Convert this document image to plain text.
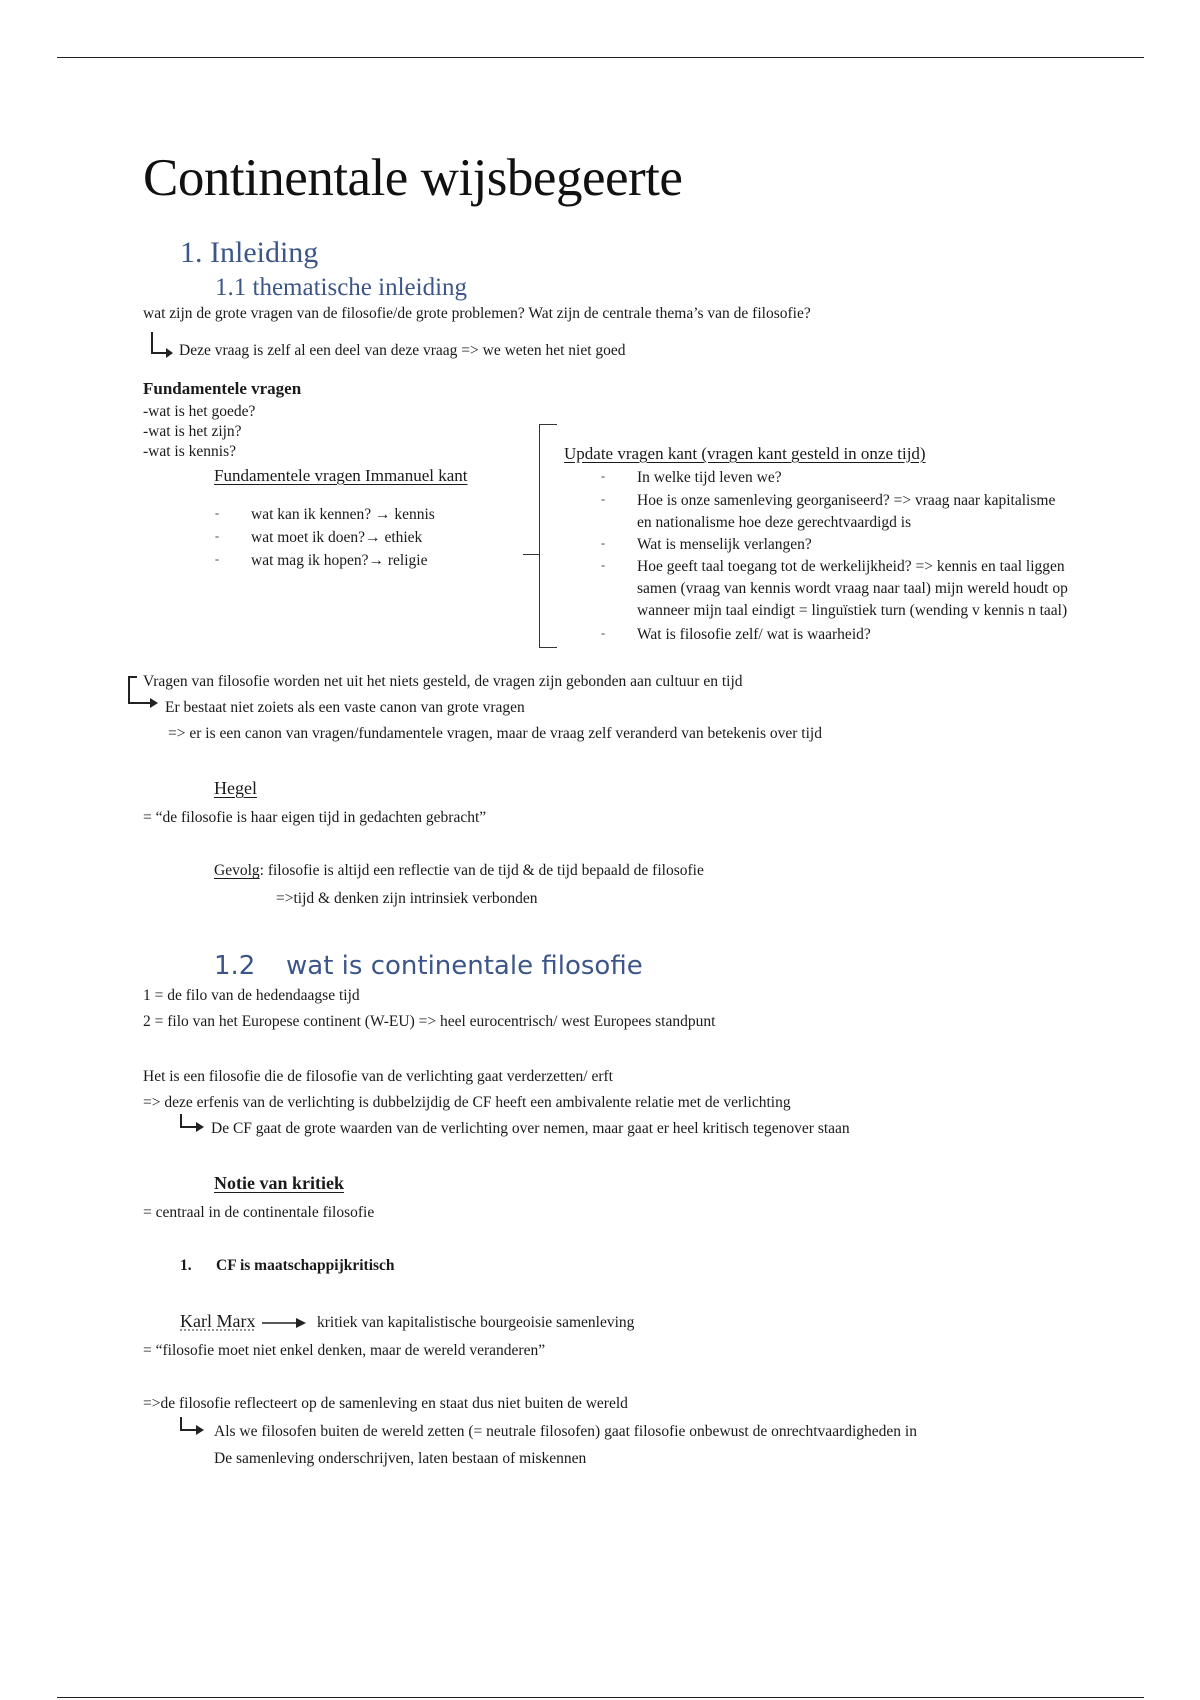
Continentale wijsbegeerte
1. Inleiding
1.1 thematische inleiding
wat zijn de grote vragen van de filosofie/de grote problemen? Wat zijn de centrale thema’s van de filosofie?
Deze vraag is zelf al een deel van deze vraag => we weten het niet goed
Fundamentele vragen
-wat is het goede?
-wat is het zijn?
-wat is kennis?
Fundamentele vragen Immanuel kant
- wat kan ik kennen? → kennis
- wat moet ik doen?→ ethiek
- wat mag ik hopen?→ religie
Update vragen kant (vragen kant gesteld in onze tijd)
- In welke tijd leven we?
- Hoe is onze samenleving georganiseerd? => vraag naar kapitalisme
en nationalisme hoe deze gerechtvaardigd is
- Wat is menselijk verlangen?
- Hoe geeft taal toegang tot de werkelijkheid? => kennis en taal liggen
samen (vraag van kennis wordt vraag naar taal) mijn wereld houdt op
wanneer mijn taal eindigt = linguïstiek turn (wending v kennis n taal)
- Wat is filosofie zelf/ wat is waarheid?
Vragen van filosofie worden net uit het niets gesteld, de vragen zijn gebonden aan cultuur en tijd
Er bestaat niet zoiets als een vaste canon van grote vragen
=> er is een canon van vragen/fundamentele vragen, maar de vraag zelf veranderd van betekenis over tijd
Hegel
= “de filosofie is haar eigen tijd in gedachten gebracht”
Gevolg: filosofie is altijd een reflectie van de tijd & de tijd bepaald de filosofie
=>tijd & denken zijn intrinsiek verbonden
1.2 wat is continentale filosofie
1 = de filo van de hedendaagse tijd
2 = filo van het Europese continent (W-EU) => heel eurocentrisch/ west Europees standpunt
Het is een filosofie die de filosofie van de verlichting gaat verderzetten/ erft
=> deze erfenis van de verlichting is dubbelzijdig de CF heeft een ambivalente relatie met de verlichting
De CF gaat de grote waarden van de verlichting over nemen, maar gaat er heel kritisch tegenover staan
Notie van kritiek
= centraal in de continentale filosofie
1. CF is maatschappijkritisch
Karl Marx	kritiek van kapitalistische bourgeoisie samenleving
= “filosofie moet niet enkel denken, maar de wereld veranderen”
=>de filosofie reflecteert op de samenleving en staat dus niet buiten de wereld
Als we filosofen buiten de wereld zetten (= neutrale filosofen) gaat filosofie onbewust de onrechtvaardigheden in
De samenleving onderschrijven, laten bestaan of miskennen
